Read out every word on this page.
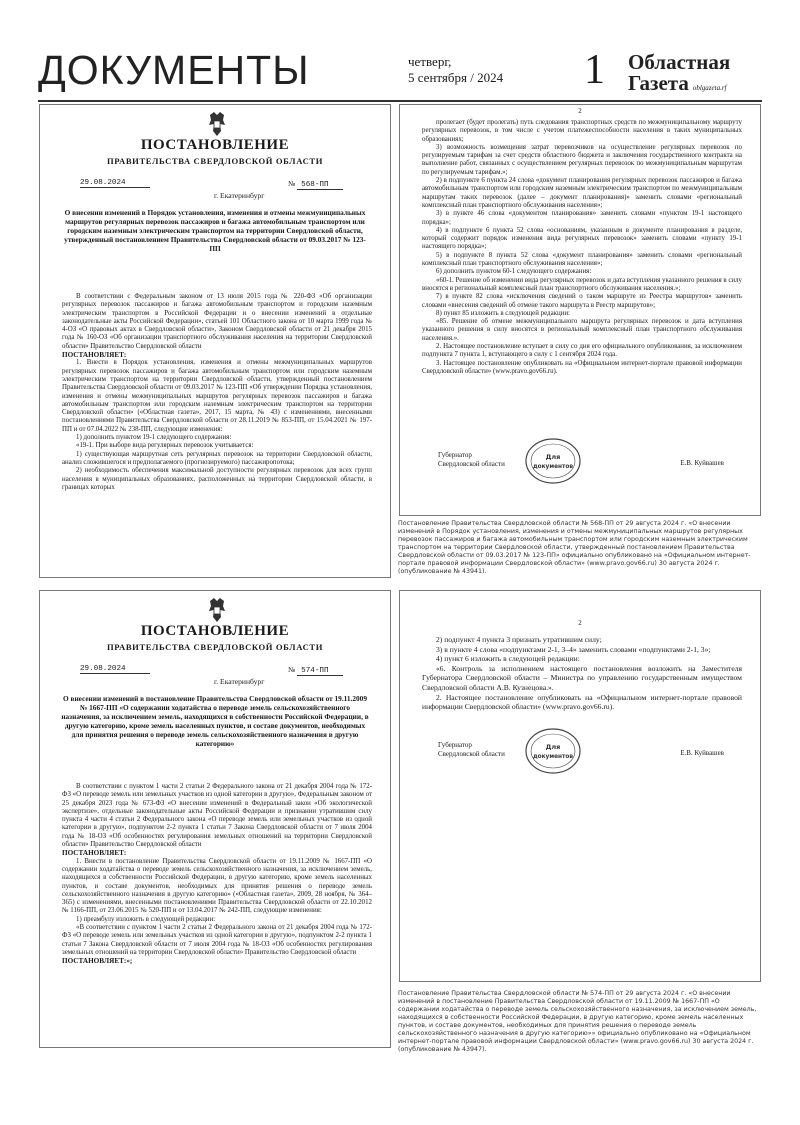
ДОКУМЕНТЫ	четверг,
5 сентября / 2024 1 Областная
Газета oblgazeta.rf
ПОСТАНОВЛЕНИЕ
ПРАВИТЕЛЬСТВА СВЕРДЛОВСКОЙ ОБЛАСТИ
29.08.2024
г. Екатеринбург
№ 568-ПП
О внесении изменений в Порядок установления, изменения и отмены межмуниципальных маршрутов регулярных перевозок пассажиров и багажа автомобильным транспортом или городским наземным электрическим транспортом на территории Свердловской области, утвержденный постановлением Правительства Свердловской области от 09.03.2017 № 123-ПП

В соответствии с Федеральным законом от 13 июля 2015 года № 220-ФЗ «Об организации регулярных перевозок пассажиров и багажа автомобильным транспортом и городским наземным электрическим транспортом в Российской Федерации и о внесении изменений в отдельные законодательные акты Российской Федерации», статьей 101 Областного закона от 10 марта 1999 года № 4-ОЗ «О правовых актах в Свердловской области», Законом Свердловской области от 21 декабря 2015 года № 160-ОЗ «Об организации транспортного обслуживания населения на территории Свердловской области» Правительство Свердловской области

ПОСТАНОВЛЯЕТ:

1. Внести в Порядок установления, изменения и отмены межмуниципальных маршрутов регулярных перевозок пассажиров и багажа автомобильным транспортом или городским наземным электрическим транспортом на территории Свердловской области, утвержденный постановлением Правительства Свердловской области от 09.03.2017 № 123-ПП «Об утверждении Порядка установления, изменения и отмены межмуниципальных маршрутов регулярных перевозок пассажиров и багажа автомобильным транспортом или городским наземным электрическим транспортом на территории Свердловской области» («Областная газета», 2017, 15 марта, № 43) с изменениями, внесенными постановлениями Правительства Свердловской области от 28.11.2019 № 853-ПП, от 15.04.2021 № 197-ПП и от 07.04.2022 № 238-ПП, следующие изменения:

1) дополнить пунктом 19-1 следующего содержания:

«19-1. При выборе вида регулярных перевозок учитывается:

1) существующая маршрутная сеть регулярных перевозок на территории Свердловской области, анализ сложившегося и предполагаемого (прогнозируемого) пассажиропотока;

2) необходимость обеспечения максимальной доступности регулярных перевозок для всех групп населения в муниципальных образованиях, расположенных на территории Свердловской области, в границах которых

2

пролегает (будет пролегать) путь следования транспортных средств по межмуниципальному маршруту регулярных перевозок, в том числе с учетом платежеспособности населения в таких муниципальных образованиях;

3) возможность возмещения затрат перевозчиков на осуществление регулярных перевозок по регулируемым тарифам за счет средств областного бюджета и заключения государственного контракта на выполнение работ, связанных с осуществлением регулярных перевозок по межмуниципальным маршрутам по регулируемым тарифам.»;

2) в подпункте 6 пункта 24 слова «документ планирования регулярных перевозок пассажиров и багажа автомобильным транспортом или городским наземным электрическим транспортом по межмуниципальным маршрутам таких перевозок (далее – документ планирования)» заменить словами «региональный комплексный план транспортного обслуживания населения»;

3) в пункте 46 слова «документом планирования» заменить словами «пунктом 19-1 настоящего порядка»;

4) в подпункте 6 пункта 52 слова «основаниям, указанным в документе планирования в разделе, который содержит порядок изменения вида регулярных перевозок» заменить словами «пункту 19-1 настоящего порядка»;

5) в подпункте 8 пункта 52 слова «документ планирования» заменить словами «региональный комплексный план транспортного обслуживания населения»;

6) дополнить пунктом 60-1 следующего содержания:

«60-1. Решение об изменении вида регулярных перевозок и дата вступления указанного решения в силу вносятся в региональный комплексный план транспортного обслуживания населения.»;

7) в пункте 82 слова «исключения сведений о таком маршруте из Реестра маршрутов» заменить словами «внесения сведений об отмене такого маршрута в Реестр маршрутов»;

8) пункт 85 изложить в следующей редакции:

«85. Решение об отмене межмуниципального маршрута регулярных перевозок и дата вступления указанного решения в силу вносятся в региональный комплексный план транспортного обслуживания населения.».

2. Настоящее постановление вступает в силу со дня его официального опубликования, за исключением подпункта 7 пункта 1, вступающего в силу с 1 сентября 2024 года.

3. Настоящее постановление опубликовать на «Официальном интернет-портале правовой информации Свердловской области» (www.pravo.gov66.ru).

Губернатор
Свердловской области
Для
документов	Е.В. Куйвашев
Постановление Правительства Свердловской области № 568-ПП от 29 августа 2024 г. «О внесении изменений в Порядок установления, изменения и отмены межмуниципальных маршрутов регулярных перевозок пассажиров и багажа автомобильным транспортом или городским наземным электрическим транспортом на территории Свердловской области, утвержденный постановлением Правительства Свердловской области от 09.03.2017 № 123-ПП» официально опубликовано на «Официальном интернет-портале правовой информации Свердловской области» (www.pravo.gov66.ru) 30 августа 2024 г. (опубликование № 43941).
ПОСТАНОВЛЕНИЕ
ПРАВИТЕЛЬСТВА СВЕРДЛОВСКОЙ ОБЛАСТИ
29.08.2024
г. Екатеринбург
№ 574-ПП
О внесении изменений в постановление Правительства Свердловской области от 19.11.2009 № 1667-ПП «О содержании ходатайства о переводе земель сельскохозяйственного назначения, за исключением земель, находящихся в собственности Российской Федерации, в другую категорию, кроме земель населенных пунктов, и составе документов, необходимых для принятия решения о переводе земель сельскохозяйственного назначения в другую категорию»

В соответствии с пунктом 1 части 2 статьи 2 Федерального закона от 21 декабря 2004 года № 172-ФЗ «О переводе земель или земельных участков из одной категории в другую», Федеральным законом от 25 декабря 2023 года № 673-ФЗ «О внесении изменений в Федеральный закон «Об экологической экспертизе», отдельные законодательные акты Российской Федерации и признании утратившим силу пункта 4 части 4 статьи 2 Федерального закона «О переводе земель или земельных участков из одной категории в другую», подпунктом 2-2 пункта 1 статьи 7 Закона Свердловской области от 7 июля 2004 года № 18-ОЗ «Об особенностях регулирования земельных отношений на территории Свердловской области» Правительство Свердловской области

ПОСТАНОВЛЯЕТ:

1. Внести в постановление Правительства Свердловской области от 19.11.2009 № 1667-ПП «О содержании ходатайства о переводе земель сельскохозяйственного назначения, за исключением земель, находящихся в собственности Российской Федерации, в другую категорию, кроме земель населенных пунктов, и составе документов, необходимых для принятия решения о переводе земель сельскохозяйственного назначения в другую категорию» («Областная газета», 2009, 28 ноября, № 364–365) с изменениями, внесенными постановлениями Правительства Свердловской области от 22.10.2012 № 1166-ПП, от 23.06.2015 № 520-ПП и от 13.04.2017 № 242-ПП, следующие изменения:

1) преамбулу изложить в следующей редакции:

«В соответствии с пунктом 1 части 2 статьи 2 Федерального закона от 21 декабря 2004 года № 172-ФЗ «О переводе земель или земельных участков из одной категории в другую», подпунктом 2-2 пункта 1 статьи 7 Закона Свердловской области от 7 июля 2004 года № 18-ОЗ «Об особенностях регулирования земельных отношений на территории Свердловской области» Правительство Свердловской области

ПОСТАНОВЛЯЕТ:»;

2

2) подпункт 4 пункта 3 признать утратившим силу;

3) в пункте 4 слова «подпунктами 2-1, 3–4» заменить словами «подпунктами 2-1, 3»;

4) пункт 6 изложить в следующей редакции:

«6. Контроль за исполнением настоящего постановления возложить на Заместителя Губернатора Свердловской области – Министра по управлению государственным имуществом Свердловской области А.В. Кузнецова.».

2. Настоящее постановление опубликовать на «Официальном интернет-портале правовой информации Свердловской области» (www.pravo.gov66.ru).

Губернатор
Свердловской области
Для
документов	Е.В. Куйвашев
Постановление Правительства Свердловской области № 574-ПП от 29 августа 2024 г. «О внесении изменений в постановление Правительства Свердловской области от 19.11.2009 № 1667-ПП «О содержании ходатайства о переводе земель сельскохозяйственного назначения, за исключением земель, находящихся в собственности Российской Федерации, в другую категорию, кроме земель населенных пунктов, и составе документов, необходимых для принятия решения о переводе земель сельскохозяйственного назначения в другую категорию»» официально опубликовано на «Официальном интернет-портале правовой информации Свердловской области» (www.pravo.gov66.ru) 30 августа 2024 г. (опубликование № 43947).
